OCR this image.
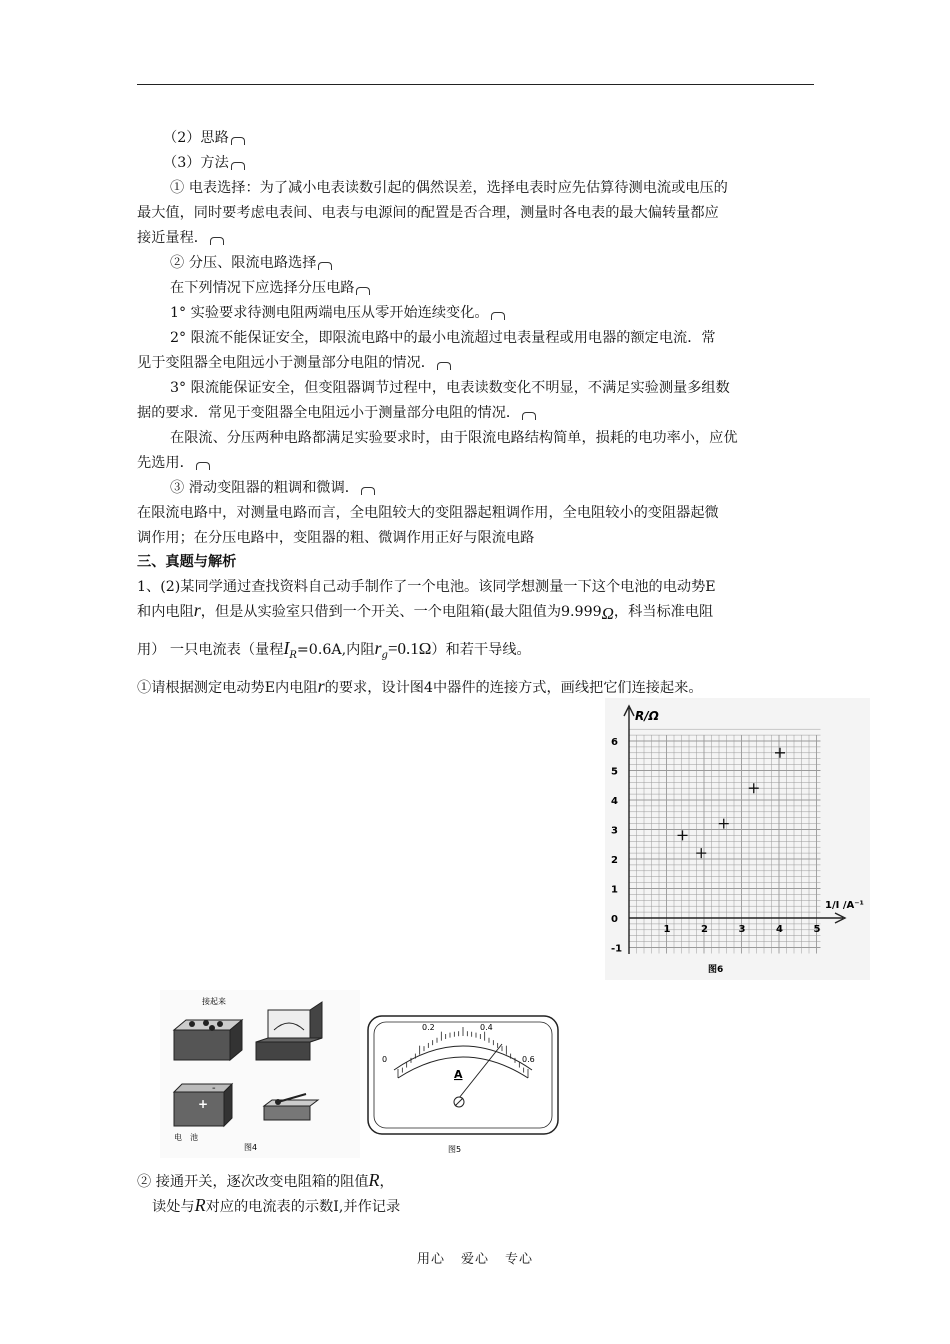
（2）思路
（3）方法
① 电表选择：为了减小电表读数引起的偶然误差，选择电表时应先估算待测电流或电压的
最大值，同时要考虑电表间、电表与电源间的配置是否合理，测量时各电表的最大偏转量都应
接近量程．
② 分压、限流电路选择
在下列情况下应选择分压电路
1° 实验要求待测电阻两端电压从零开始连续变化。
2° 限流不能保证安全，即限流电路中的最小电流超过电表量程或用电器的额定电流．常
见于变阻器全电阻远小于测量部分电阻的情况．
3° 限流能保证安全，但变阻器调节过程中，电表读数变化不明显，不满足实验测量多组数
据的要求．常见于变阻器全电阻远小于测量部分电阻的情况．
在限流、分压两种电路都满足实验要求时，由于限流电路结构简单，损耗的电功率小，应优
先选用．
③ 滑动变阻器的粗调和微调．
在限流电路中，对测量电路而言，全电阻较大的变阻器起粗调作用，全电阻较小的变阻器起微
调作用；在分压电路中，变阻器的粗、微调作用正好与限流电路
三、真题与解析
1、(2)某同学通过查找资料自己动手制作了一个电池。该同学想测量一下这个电池的电动势E
和内电阻r，但是从实验室只借到一个开关、一个电阻箱(最大阻值为9.999Ω，科当标准电阻
用） 一只电流表（量程$I_R=0.6A$,内阻$r_g=0.1\Omega$）和若干导线。
①请根据测定电动势E内电阻r的要求，设计图4中器件的连接方式，画线把它们连接起来。
-1
0
1
2
3
4
5
6
1	2	3	4	5
R/Ω
1/I /A⁻¹
图6
接起来
+
-
电　池
图4
0
0.2	0.4
0.6
A
图5
② 接通开关，逐次改变电阻箱的阻值R，
读处与R对应的电流表的示数I,并作记录
用心 爱心 专心
